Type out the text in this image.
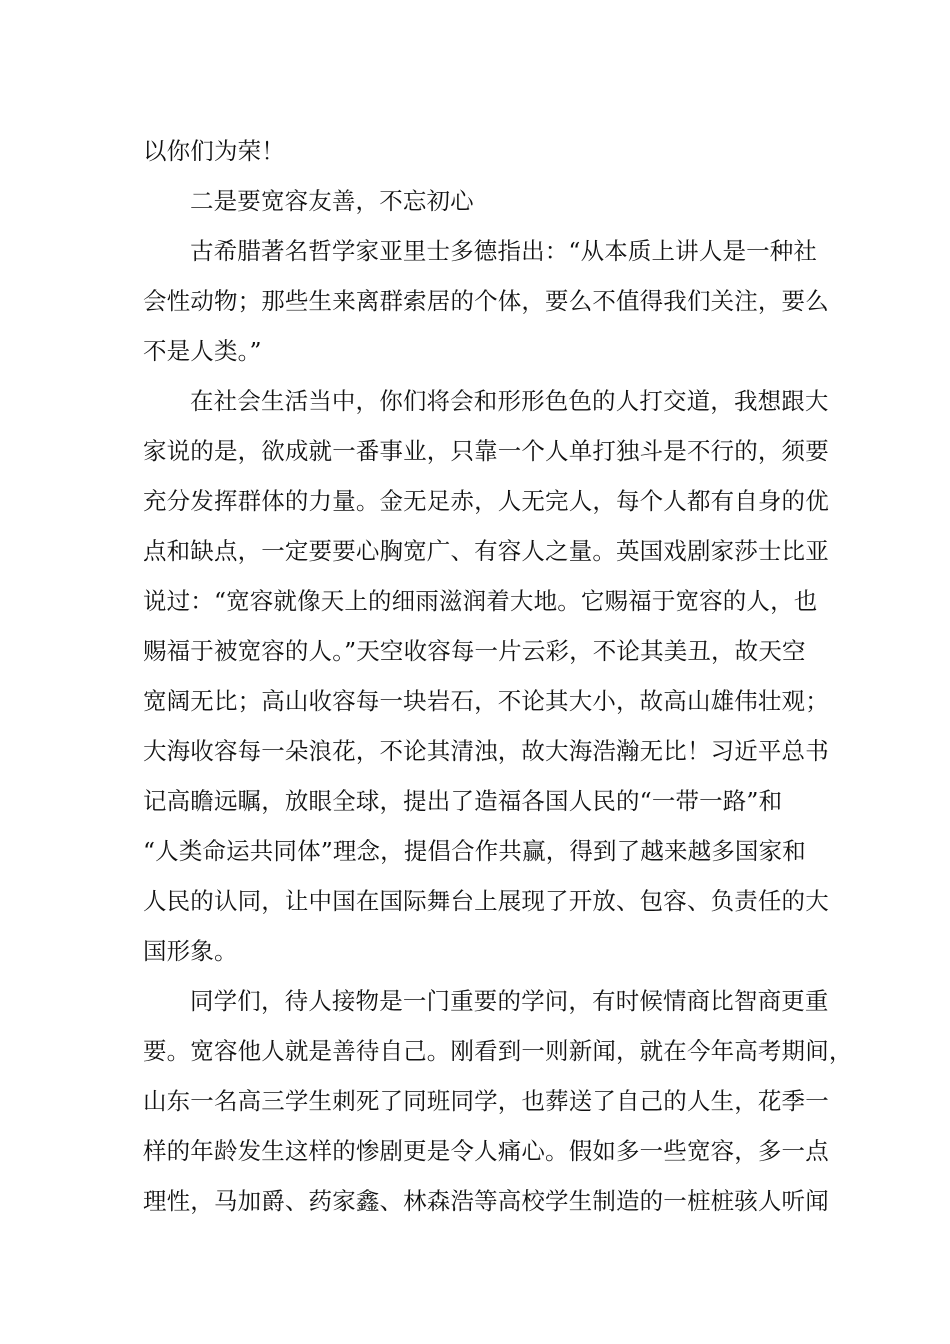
以你们为荣！
二是要宽容友善，不忘初心
古希腊著名哲学家亚里士多德指出：“从本质上讲人是一种社
会性动物；那些生来离群索居的个体，要么不值得我们关注，要么
不是人类。”
在社会生活当中，你们将会和形形色色的人打交道，我想跟大
家说的是，欲成就一番事业，只靠一个人单打独斗是不行的，须要
充分发挥群体的力量。金无足赤，人无完人，每个人都有自身的优
点和缺点，一定要要心胸宽广、有容人之量。英国戏剧家莎士比亚
说过：“宽容就像天上的细雨滋润着大地。它赐福于宽容的人，也
赐福于被宽容的人。”天空收容每一片云彩，不论其美丑，故天空
宽阔无比；高山收容每一块岩石，不论其大小，故高山雄伟壮观；
大海收容每一朵浪花，不论其清浊，故大海浩瀚无比！习近平总书
记高瞻远瞩，放眼全球，提出了造福各国人民的“一带一路”和
“人类命运共同体”理念，提倡合作共赢，得到了越来越多国家和
人民的认同，让中国在国际舞台上展现了开放、包容、负责任的大
国形象。
同学们，待人接物是一门重要的学问，有时候情商比智商更重
要。宽容他人就是善待自己。刚看到一则新闻，就在今年高考期间，
山东一名高三学生刺死了同班同学，也葬送了自己的人生，花季一
样的年龄发生这样的惨剧更是令人痛心。假如多一些宽容，多一点
理性，马加爵、药家鑫、林森浩等高校学生制造的一桩桩骇人听闻
